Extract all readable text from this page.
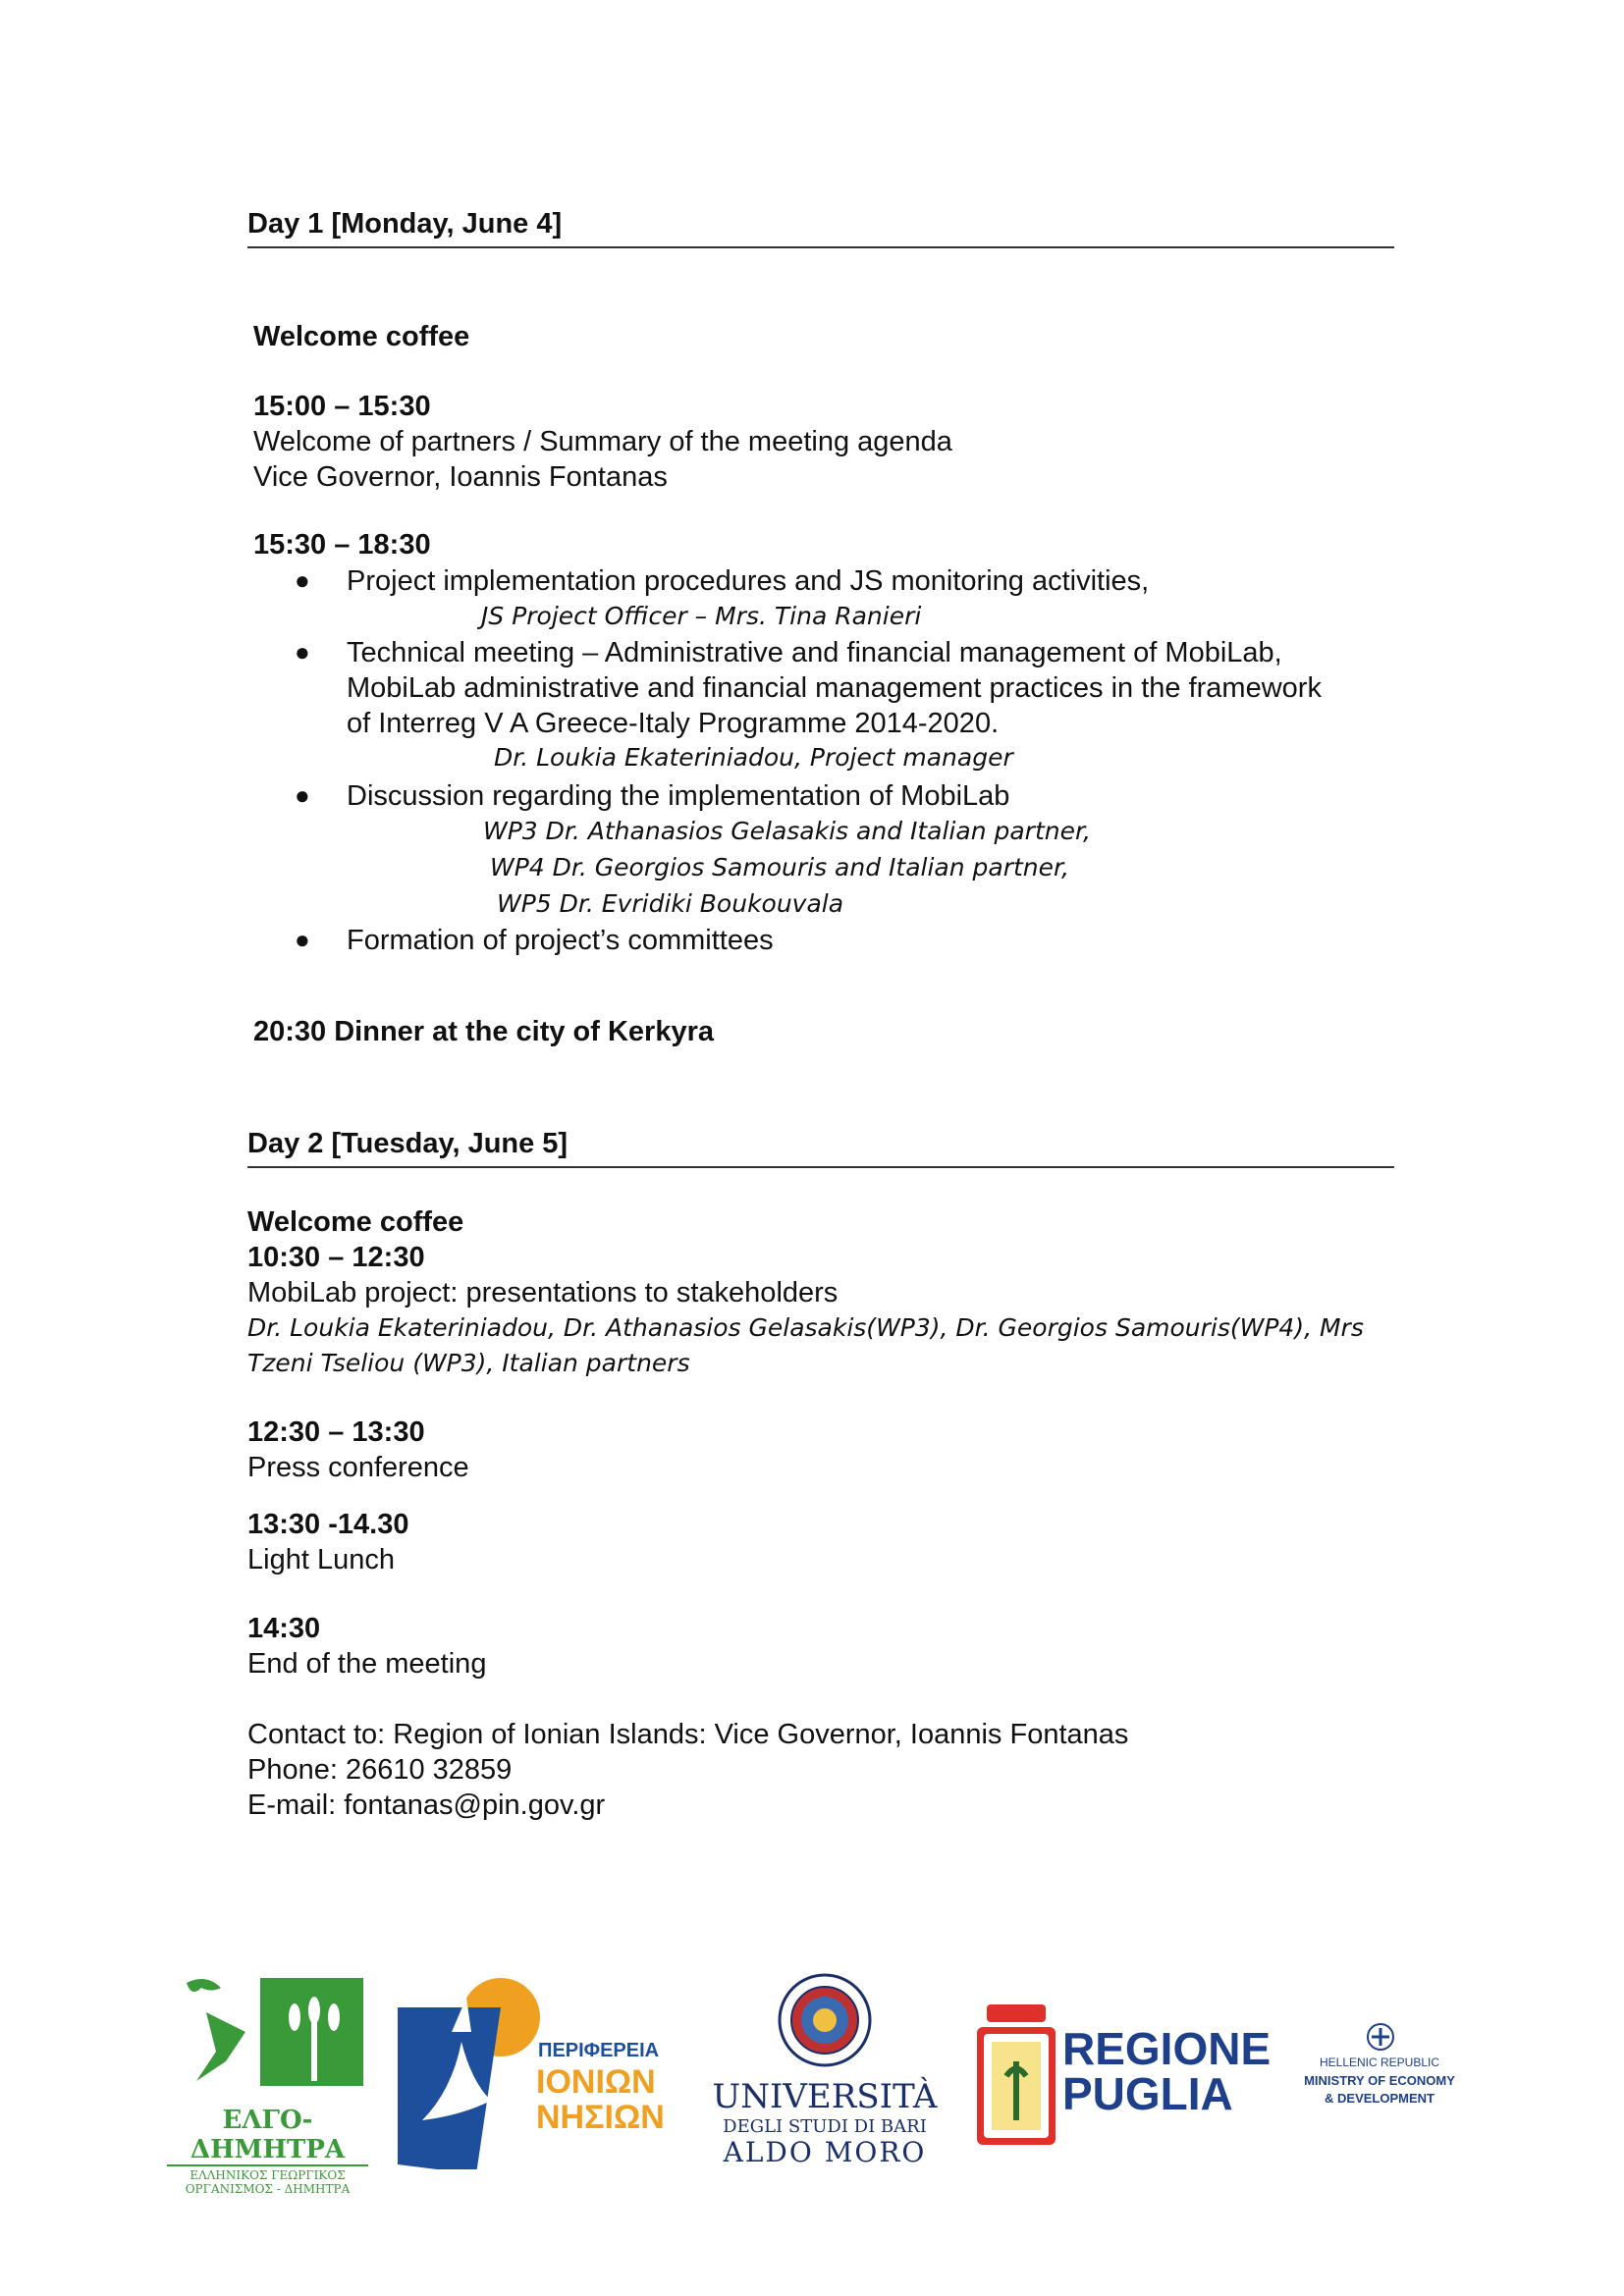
Day 1 [Monday, June 4]
Welcome coffee
15:00 – 15:30
Welcome of partners / Summary of the meeting agenda
Vice Governor, Ioannis Fontanas
15:30 – 18:30
● Project implementation procedures and JS monitoring activities,
JS Project Officer – Mrs. Tina Ranieri
● Technical meeting – Administrative and financial management of MobiLab,
MobiLab administrative and financial management practices in the framework
of Interreg V A Greece-Italy Programme 2014-2020.
Dr. Loukia Ekateriniadou, Project manager
● Discussion regarding the implementation of MobiLab
WP3 Dr. Athanasios Gelasakis and Italian partner,
WP4 Dr. Georgios Samouris and Italian partner,
WP5 Dr. Evridiki Boukouvala
● Formation of project’s committees
20:30 Dinner at the city of Kerkyra
Day 2 [Tuesday, June 5]
Welcome coffee
10:30 – 12:30
MobiLab project: presentations to stakeholders
Dr. Loukia Ekateriniadou, Dr. Athanasios Gelasakis(WP3), Dr. Georgios Samouris(WP4), Mrs
Tzeni Tseliou (WP3), Italian partners
12:30 – 13:30
Press conference
13:30 -14.30
Light Lunch
14:30
End of the meeting
Contact to: Region of Ionian Islands: Vice Governor, Ioannis Fontanas
Phone: 26610 32859
E-mail: fontanas@pin.gov.gr
ΕΛΓΟ-ΔΗΜΗΤΡΑ
ΕΛΛΗΝΙΚΟΣ ΓΕΩΡΓΙΚΟΣ
ΟΡΓΑΝΙΣΜΟΣ - ΔΗΜΗΤΡΑ
ΠΕΡΙΦΕΡΕΙΑ
ΙΟΝΙΩΝ
ΝΗΣΙΩΝ
UNIVERSITÀ
DEGLI STUDI DI BARI
ALDO MORO
REGIONE
PUGLIA
HELLENIC REPUBLIC
MINISTRY OF ECONOMY
& DEVELOPMENT
